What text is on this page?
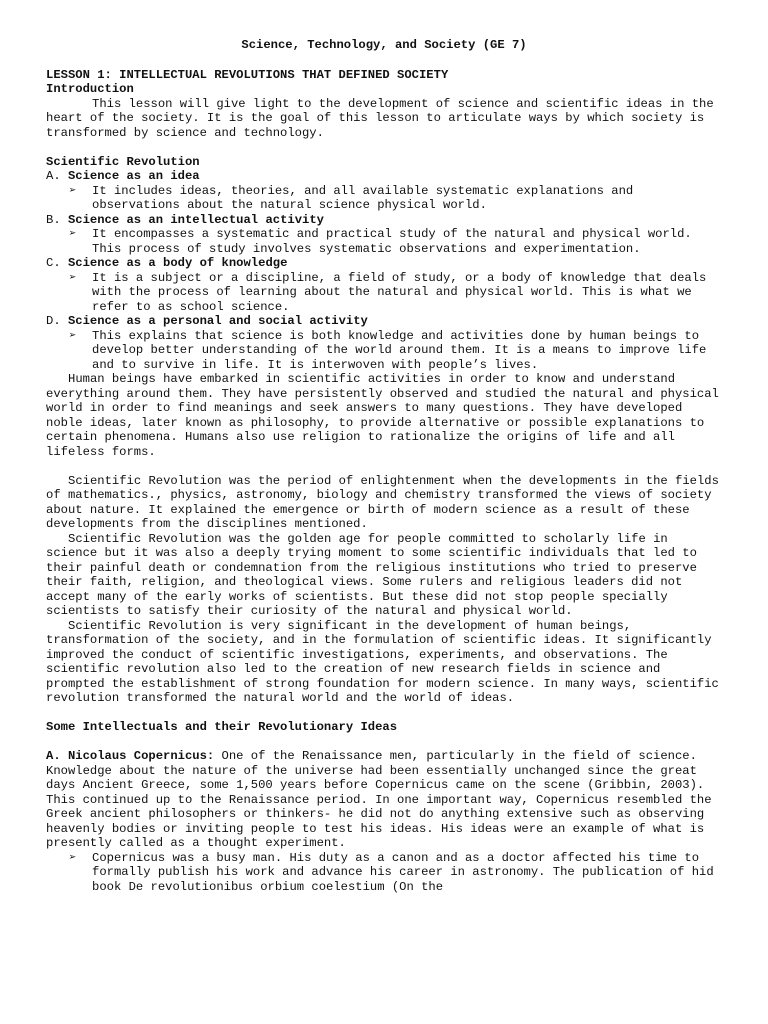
Science, Technology, and Society (GE 7)

LESSON 1: INTELLECTUAL REVOLUTIONS THAT DEFINED SOCIETY

Introduction

This lesson will give light to the development of science and scientific ideas in the heart of the society. It is the goal of this lesson to articulate ways by which society is transformed by science and technology.

Scientific Revolution

A. Science as an idea
➢	It includes ideas, theories, and all available systematic explanations and observations about the natural science physical world.
B. Science as an intellectual activity
➢	It encompasses a systematic and practical study of the natural and physical world. This process of study involves systematic observations and experimentation.
C. Science as a body of knowledge
➢	It is a subject or a discipline, a field of study, or a body of knowledge that deals with the process of learning about the natural and physical world. This is what we refer to as school science.
D. Science as a personal and social activity
➢	This explains that science is both knowledge and activities done by human beings to develop better understanding of the world around them. It is a means to improve life and to survive in life. It is interwoven with people’s lives.

Human beings have embarked in scientific activities in order to know and understand everything around them. They have persistently observed and studied the natural and physical world in order to find meanings and seek answers to many questions. They have developed noble ideas, later known as philosophy, to provide alternative or possible explanations to certain phenomena. Humans also use religion to rationalize the origins of life and all lifeless forms.

Scientific Revolution was the period of enlightenment when the developments in the fields of mathematics., physics, astronomy, biology and chemistry transformed the views of society about nature. It explained the emergence or birth of modern science as a result of these developments from the disciplines mentioned.

Scientific Revolution was the golden age for people committed to scholarly life in science but it was also a deeply trying moment to some scientific individuals that led to their painful death or condemnation from the religious institutions who tried to preserve their faith, religion, and theological views. Some rulers and religious leaders did not accept many of the early works of scientists. But these did not stop people specially scientists to satisfy their curiosity of the natural and physical world.

Scientific Revolution is very significant in the development of human beings, transformation of the society, and in the formulation of scientific ideas. It significantly improved the conduct of scientific investigations, experiments, and observations. The scientific revolution also led to the creation of new research fields in science and prompted the establishment of strong foundation for modern science. In many ways, scientific revolution transformed the natural world and the world of ideas.

Some Intellectuals and their Revolutionary Ideas

A. Nicolaus Copernicus: One of the Renaissance men, particularly in the field of science. Knowledge about the nature of the universe had been essentially unchanged since the great days Ancient Greece, some 1,500 years before Copernicus came on the scene (Gribbin, 2003). This continued up to the Renaissance period. In one important way, Copernicus resembled the Greek ancient philosophers or thinkers- he did not do anything extensive such as observing heavenly bodies or inviting people to test his ideas. His ideas were an example of what is presently called as a thought experiment.

➢	Copernicus was a busy man. His duty as a canon and as a doctor affected his time to formally publish his work and advance his career in astronomy. The publication of hid book De revolutionibus orbium coelestium (On the
